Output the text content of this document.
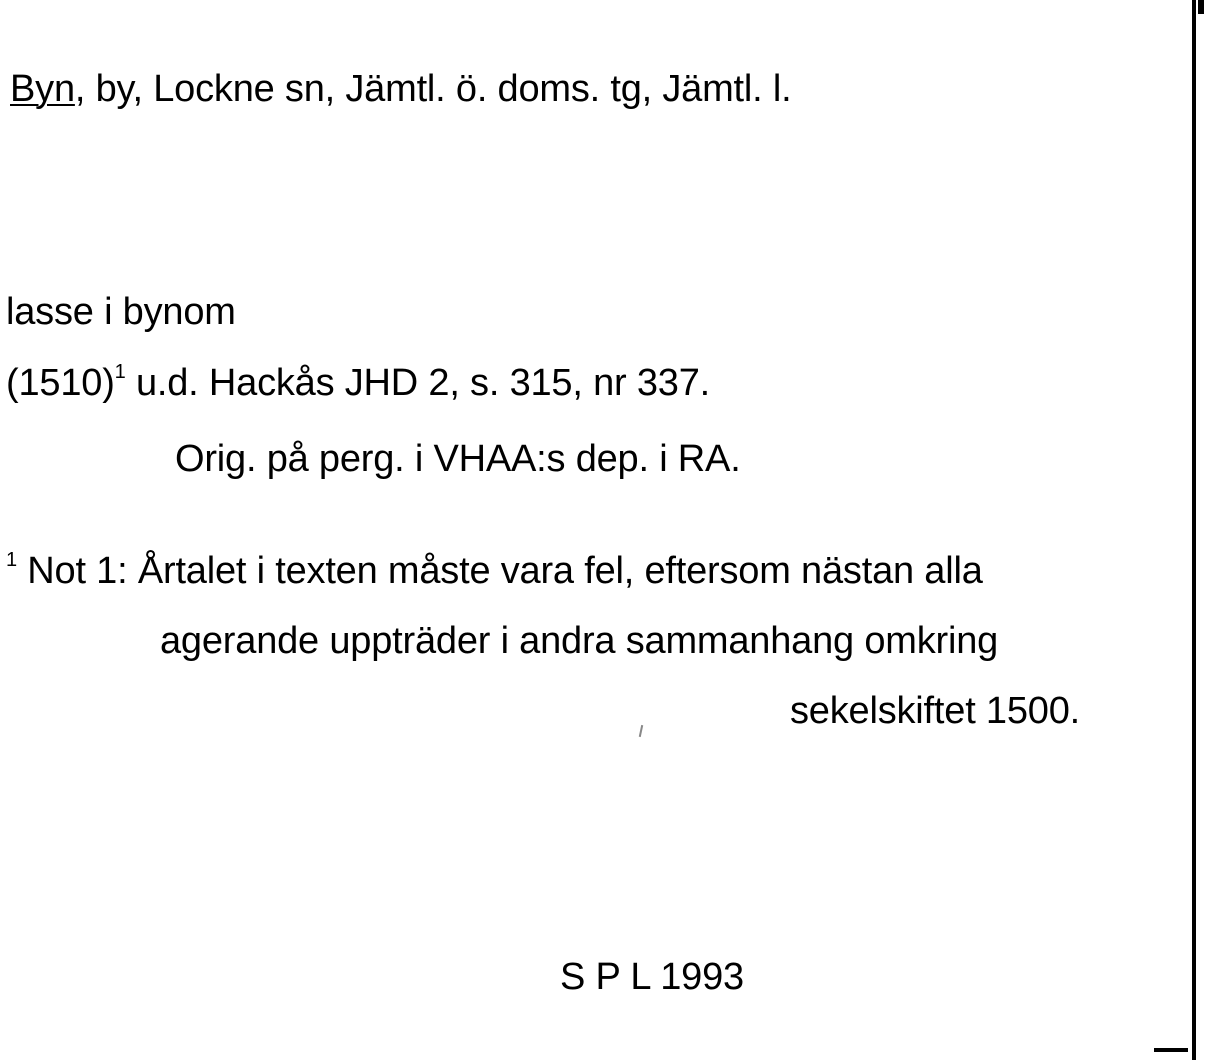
Byn, by, Lockne sn, Jämtl. ö. doms. tg, Jämtl. l.
lasse i bynom
$(1510)^1$ u.d. Hackås JHD 2, s. 315, nr 337.
Orig. på perg. i VHAA:s dep. i RA.
$^1$ Not 1: Årtalet i texten måste vara fel, eftersom nästan alla
agerande uppträder i andra sammanhang omkring
sekelskiftet 1500.
S P L 1993
